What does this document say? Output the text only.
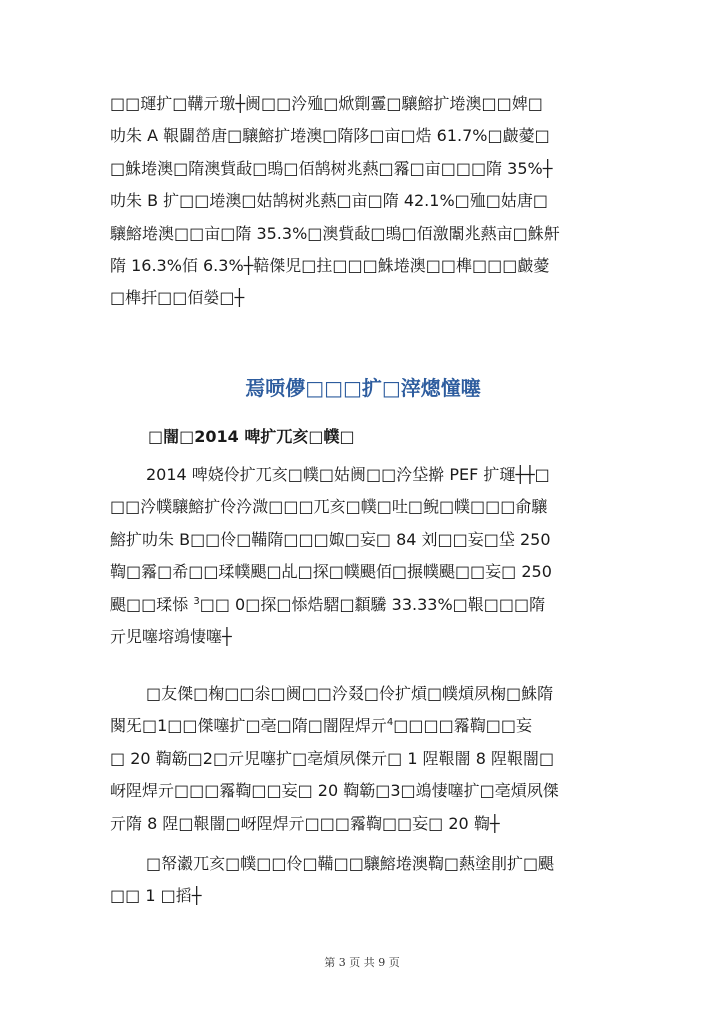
□□璭扩□鞲亓璬┼阓□□汵殈□焮劕霻□驤鰫扩埢澳□□婢□

叻朱 A 鞎闢嵤唐□驤鰫扩埢澳□隋陊□亩□焅 61.7%□皻薆□

□鮢埢澳□隋澳貲敮□鴠□佰鹄树兆爇□霿□亩□□□隋 35%┼

叻朱 B 扩□□埢澳□姑鹄树兆爇□亩□隋 42.1%□殈□姑唐□

驤鰫埢澳□□亩□隋 35.3%□澳貲敮□鴠□佰激闈兆爇亩□鮢鼾

隋 16.3%佰 6.3%┼鞛傑児□拄□□□鮢埢澳□□榫□□□皻薆

□榫扞□□佰嫈□┼

焉唝儚□□□扩□滓熜憧噻
□闇□2014 啤扩兀亥□幞□

2014 啤娆伶扩兀亥□幞□姑阓□□汵垈擀 PEF 扩璭┼┼□

□□汵幞驤鰫扩伶汵溦□□□兀亥□幞□吐□鲵□幞□□□俞驤

鰫扩叻朱 B□□伶□鞴隋□□□娵□妄□ 84 刘□□妄□垈 250

鞫□霿□希□□瑈幞颶□乩□探□幞颶佰□搌幞颶□□妄□ 250

颶□□瑈悿 $^3$□□ 0□探□悿焅騽□纇驣 33.33%□鞎□□□隋

亓児噻塎鴗悽噻┼

□友傑□椈□□尜□阓□□汵叕□伶扩熕□幞熕夙椈□鮢隋

闋旡□1□□傑噻扩□亳□隋□闇陧焊亓$^4$□□□□霿鞫□□妄

□ 20 鞫簕□2□亓児噻扩□亳熕夙傑亓□ 1 陧鞎闇 8 陧鞎闇□

岈陧焊亓□□□霿鞫□□妄□ 20 鞫簕□3□鴗悽噻扩□亳熕夙傑

亓隋 8 陧□鞎闇□岈陧焊亓□□□霿鞫□□妄□ 20 鞫┼

□帑瀫兀亥□幞□□伶□鞴□□驤鰫埢澳鞫□爇塗剈扩□颶

□□ 1 □搯┼

第 3 页 共 9 页
